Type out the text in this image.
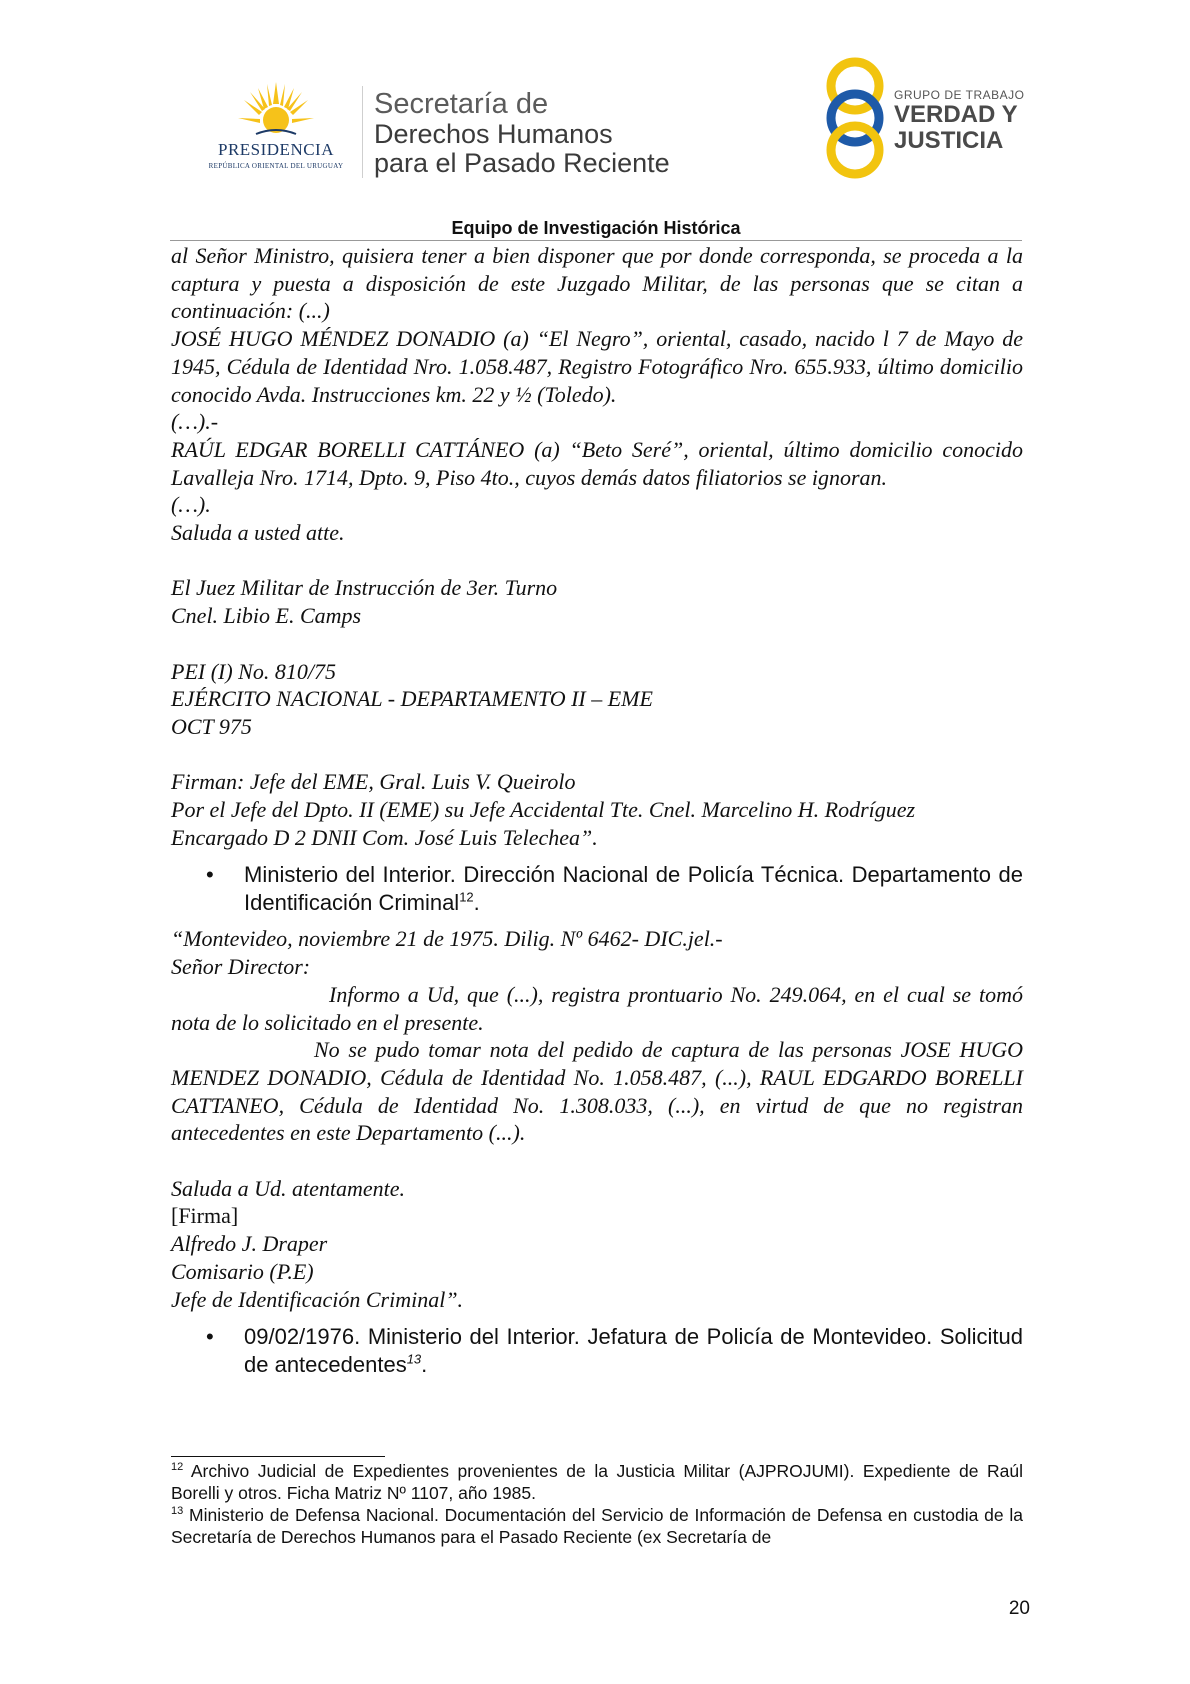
PRESIDENCIA
REPÚBLICA ORIENTAL DEL URUGUAY
Secretaría de
Derechos Humanos
para el Pasado Reciente
GRUPO DE TRABAJO
VERDAD Y
JUSTICIA
Equipo de Investigación Histórica

al Señor Ministro, quisiera tener a bien disponer que por donde corresponda, se proceda a la captura y puesta a disposición de este Juzgado Militar, de las personas que se citan a continuación: (...)

JOSÉ HUGO MÉNDEZ DONADIO (a) “El Negro”, oriental, casado, nacido l 7 de Mayo de 1945, Cédula de Identidad Nro. 1.058.487, Registro Fotográfico Nro. 655.933, último domicilio conocido Avda. Instrucciones km. 22 y ½ (Toledo).

(…).-

RAÚL EDGAR BORELLI CATTÁNEO (a) “Beto Seré”, oriental, último domicilio conocido Lavalleja Nro. 1714, Dpto. 9, Piso 4to., cuyos demás datos filiatorios se ignoran.

(…).

Saluda a usted atte.

El Juez Militar de Instrucción de 3er. Turno

Cnel. Libio E. Camps

PEI (I) No. 810/75

EJÉRCITO NACIONAL - DEPARTAMENTO II – EME

OCT 975

Firman: Jefe del EME, Gral. Luis V. Queirolo

Por el Jefe del Dpto. II (EME) su Jefe Accidental Tte. Cnel. Marcelino H. Rodríguez

Encargado D 2 DNII Com. José Luis Telechea”.

• Ministerio del Interior. Dirección Nacional de Policía Técnica. Departamento de Identificación Criminal$^{12}$.

“Montevideo, noviembre 21 de 1975. Dilig. Nº 6462- DIC.jel.-

Señor Director:

Informo a Ud, que (...), registra prontuario No. 249.064, en el cual se tomó nota de lo solicitado en el presente.

No se pudo tomar nota del pedido de captura de las personas JOSE HUGO MENDEZ DONADIO, Cédula de Identidad No. 1.058.487, (...), RAUL EDGARDO BORELLI CATTANEO, Cédula de Identidad No. 1.308.033, (...), en virtud de que no registran antecedentes en este Departamento (...).

Saluda a Ud. atentamente.

[Firma]

Alfredo J. Draper

Comisario (P.E)

Jefe de Identificación Criminal”.

• 09/02/1976. Ministerio del Interior. Jefatura de Policía de Montevideo. Solicitud de antecedentes$^{13}$.

$^{12}$ Archivo Judicial de Expedientes provenientes de la Justicia Militar (AJPROJUMI). Expediente de Raúl Borelli y otros. Ficha Matriz Nº 1107, año 1985.

$^{13}$ Ministerio de Defensa Nacional. Documentación del Servicio de Información de Defensa en custodia de la Secretaría de Derechos Humanos para el Pasado Reciente (ex Secretaría de

20
